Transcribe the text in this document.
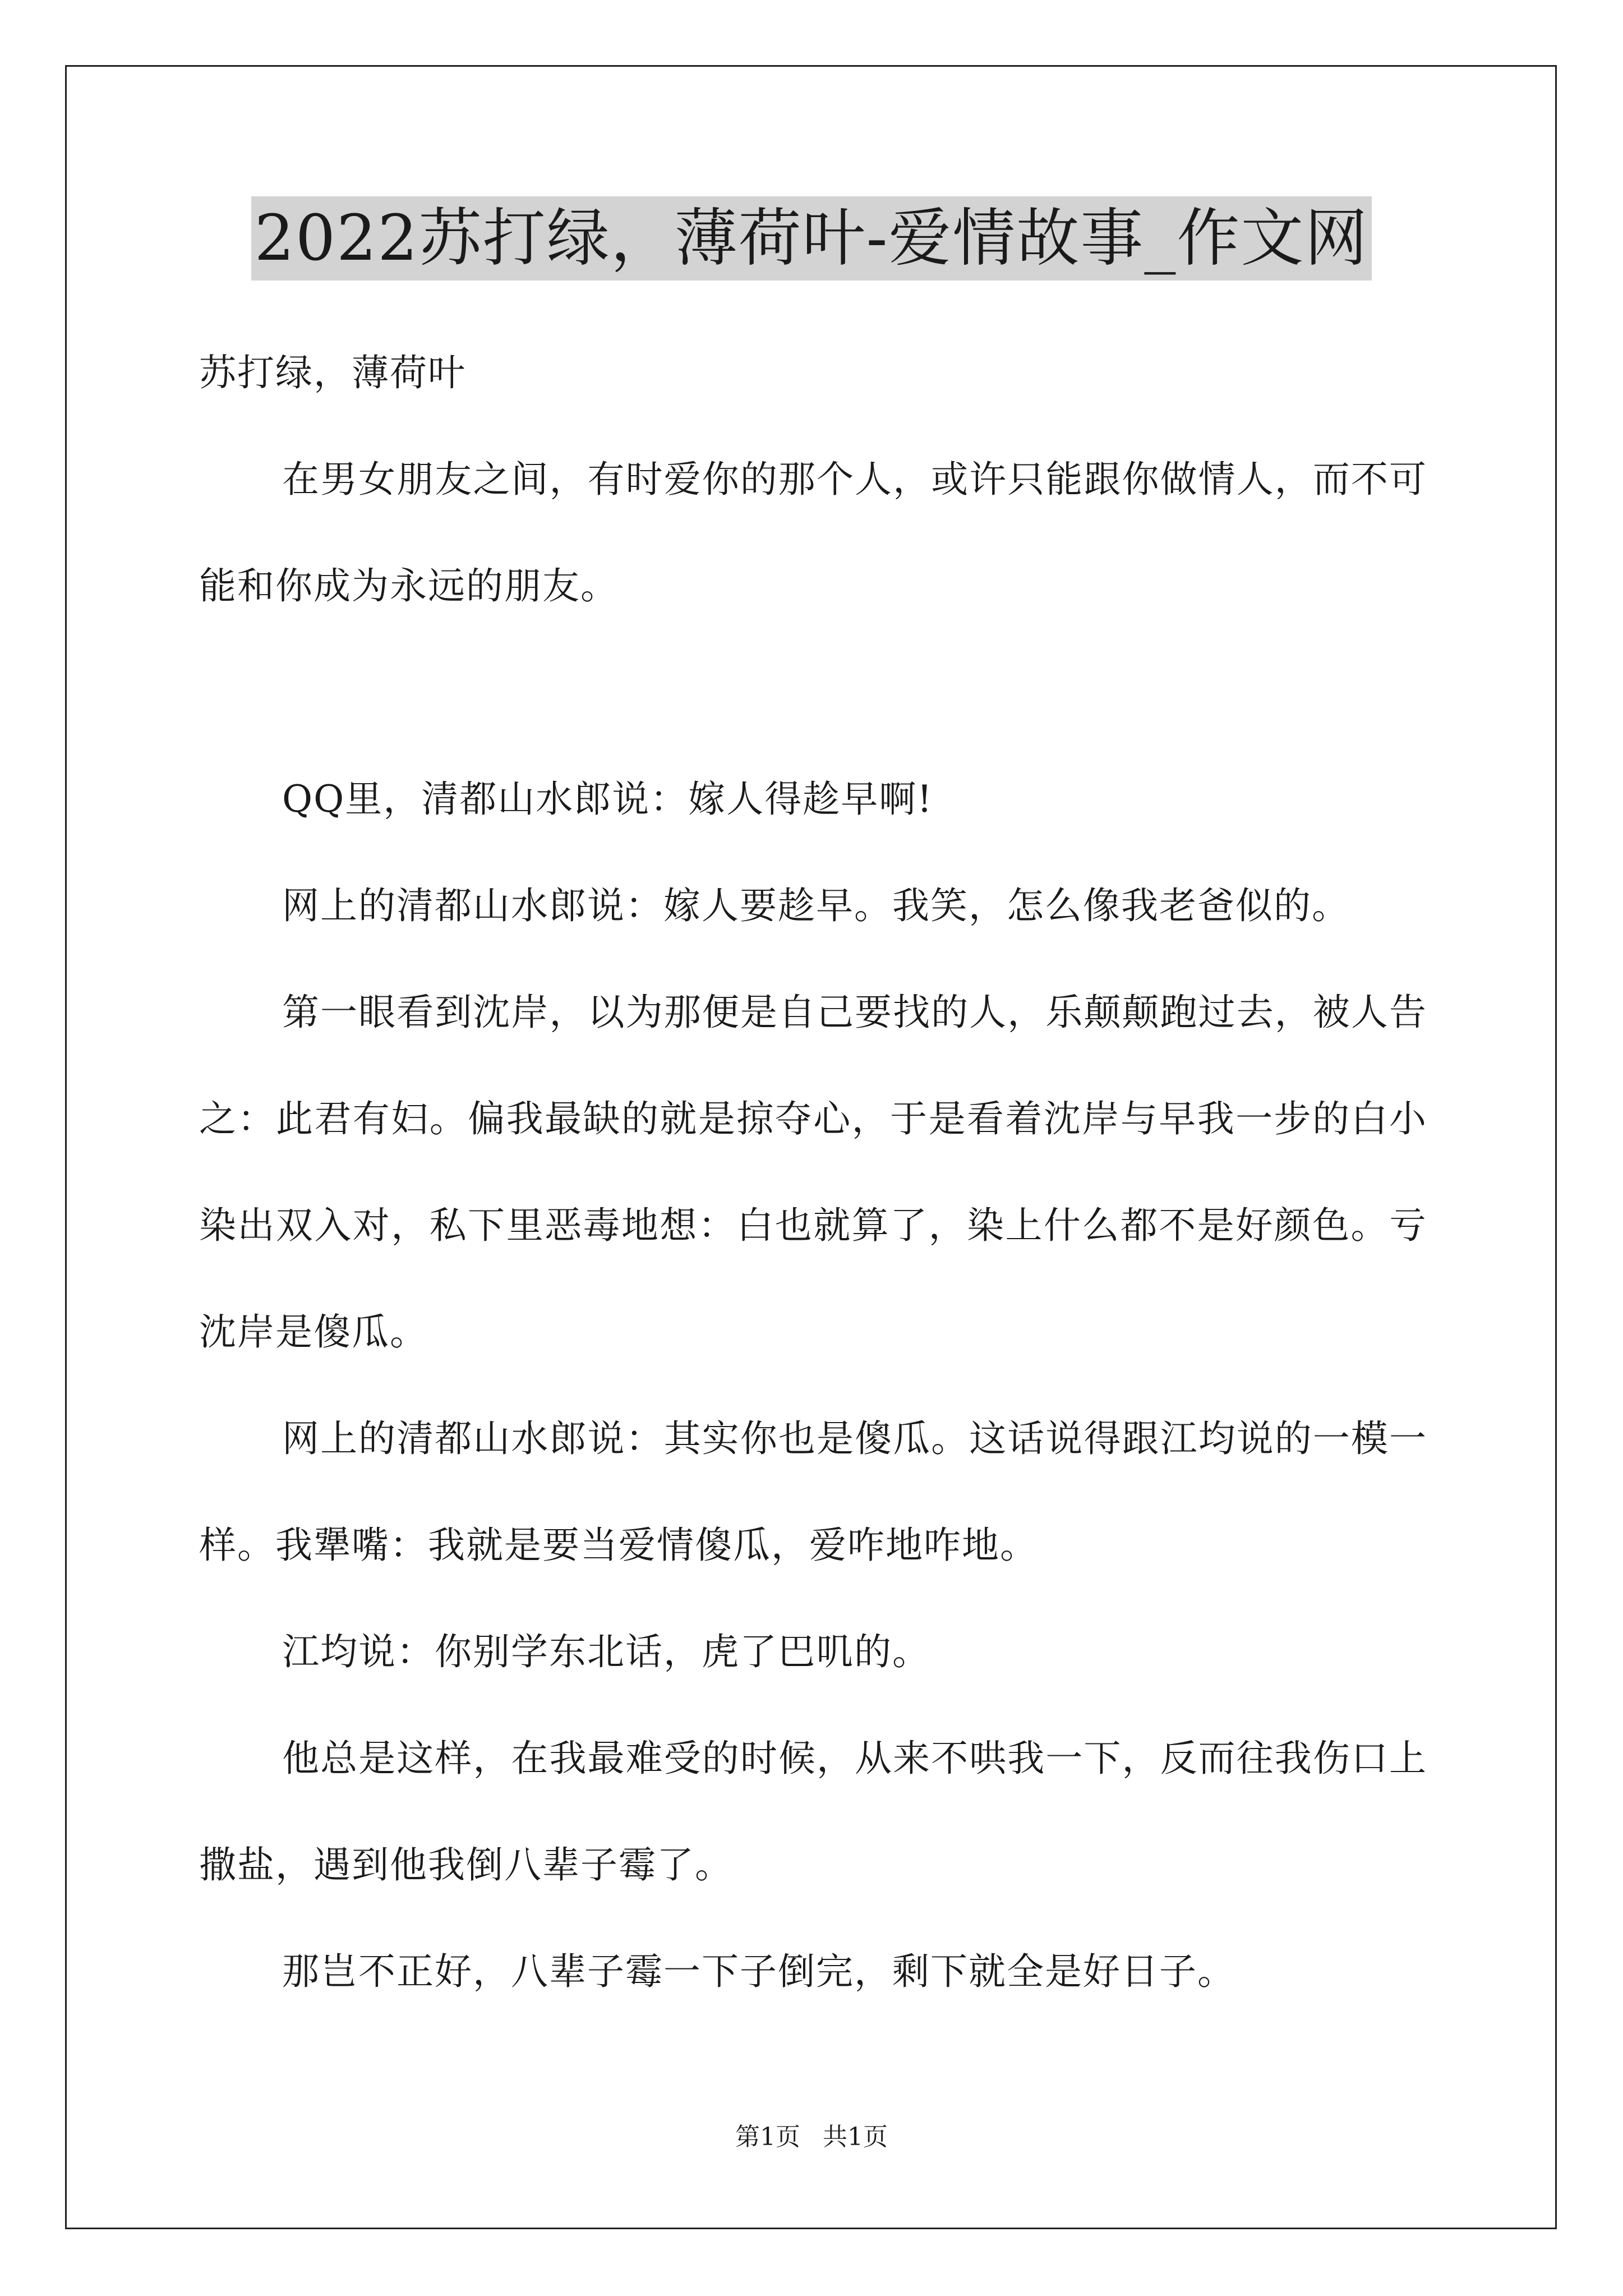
2022苏打绿，薄荷叶-爱情故事_作文网

苏打绿，薄荷叶

在男女朋友之间，有时爱你的那个人，或许只能跟你做情人，而不可能和你成为永远的朋友。

QQ里，清都山水郎说：嫁人得趁早啊!

网上的清都山水郎说：嫁人要趁早。我笑，怎么像我老爸似的。

第一眼看到沈岸，以为那便是自己要找的人，乐颠颠跑过去，被人告之：此君有妇。偏我最缺的就是掠夺心，于是看着沈岸与早我一步的白小染出双入对，私下里恶毒地想：白也就算了，染上什么都不是好颜色。亏沈岸是傻瓜。

网上的清都山水郎说：其实你也是傻瓜。这话说得跟江均说的一模一样。我犟嘴：我就是要当爱情傻瓜，爱咋地咋地。

江均说：你别学东北话，虎了巴叽的。

他总是这样，在我最难受的时候，从来不哄我一下，反而往我伤口上撒盐，遇到他我倒八辈子霉了。

那岂不正好，八辈子霉一下子倒完，剩下就全是好日子。

第1页 共1页
